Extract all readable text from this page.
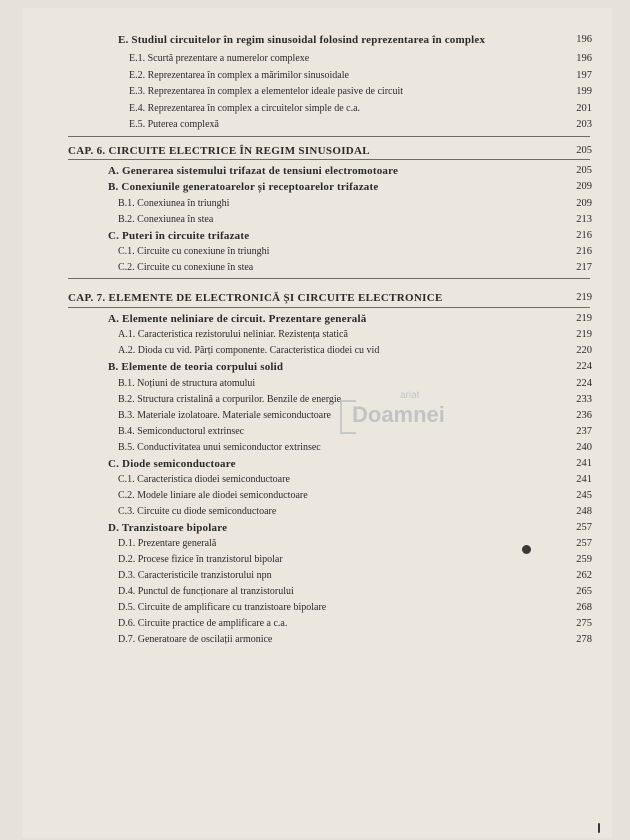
E. Studiul circuitelor în regim sinusoidal folosind reprezentarea în complex	196
E.1. Scurtă prezentare a numerelor complexe	196
E.2. Reprezentarea în complex a mărimilor sinusoidale	197
E.3. Reprezentarea în complex a elementelor ideale pasive de circuit	199
E.4. Reprezentarea în complex a circuitelor simple de c.a.	201
E.5. Puterea complexă	203
CAP. 6. CIRCUITE ELECTRICE ÎN REGIM SINUSOIDAL	205
A. Generarea sistemului trifazat de tensiuni electromotoare	205
B. Conexiunile generatoarelor și receptoarelor trifazate	209
B.1. Conexiunea în triunghi	209
B.2. Conexiunea în stea	213
C. Puteri în circuite trifazate	216
C.1. Circuite cu conexiune în triunghi	216
C.2. Circuite cu conexiune în stea	217
CAP. 7. ELEMENTE DE ELECTRONICĂ ȘI CIRCUITE ELECTRONICE	219
A. Elemente neliniare de circuit. Prezentare generală	219
A.1. Caracteristica rezistorului neliniar. Rezistența statică	219
A.2. Dioda cu vid. Părți componente. Caracteristica diodei cu vid	220
B. Elemente de teoria corpului solid	224
B.1. Noțiuni de structura atomului	224
B.2. Structura cristalină a corpurilor. Benzile de energie	233
B.3. Materiale izolatoare. Materiale semiconductoare	236
B.4. Semiconductorul extrinsec	237
B.5. Conductivitatea unui semiconductor extrinsec	240
C. Diode semiconductoare	241
C.1. Caracteristica diodei semiconductoare	241
C.2. Modele liniare ale diodei semiconductoare	245
C.3. Circuite cu diode semiconductoare	248
D. Tranzistoare bipolare	257
D.1. Prezentare generală	257
D.2. Procese fizice în tranzistorul bipolar	259
D.3. Caracteristicile tranzistorului npn	262
D.4. Punctul de funcționare al tranzistorului	265
D.5. Circuite de amplificare cu tranzistoare bipolare	268
D.6. Circuite practice de amplificare a c.a.	275
D.7. Generatoare de oscilații armonice	278
ariat
Doamnei
